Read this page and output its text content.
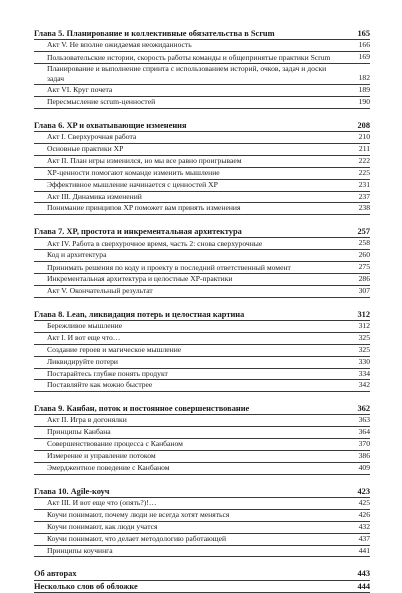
Глава 5. Планирование и коллективные обязательства в Scrum	165
Акт V. Не вполне ожидаемая неожиданность	166
Пользовательские истории, скорость работы команды и общепринятые практики Scrum	169
Планирование и выполнение спринта с использованием историй, очков, задач и доски задач	182
Акт VI. Круг почета	189
Пересмысление scrum-ценностей	190
Глава 6. XP и охватывающие изменения	208
Акт I. Сверхурочная работа	210
Основные практики XP	211
Акт II. План игры изменился, но мы все равно проигрываем	222
XP-ценности помогают команде изменить мышление	225
Эффективное мышление начинается с ценностей XP	231
Акт III. Динамика изменений	237
Понимание принципов XP поможет вам принять изменения	238
Глава 7. XP, простота и инкрементальная архитектура	257
Акт IV. Работа в сверхурочное время, часть 2: снова сверхурочные	258
Код и архитектура	260
Принимать решения по коду и проекту в последний ответственный момент	275
Инкрементальная архитектура и целостные XP-практики	286
Акт V. Окончательный результат	307
Глава 8. Lean, ликвидация потерь и целостная картина	312
Бережливое мышление	312
Акт I. И вот еще что…	325
Создание героев и магическое мышление	325
Ликвидируйте потери	330
Постарайтесь глубже понять продукт	334
Поставляйте как можно быстрее	342
Глава 9. Канбан, поток и постоянное совершенствование	362
Акт II. Игра в догонялки	363
Принципы Канбана	364
Совершенствование процесса с Канбаном	370
Измерение и управление потоком	386
Эмерджентное поведение с Канбаном	409
Глава 10. Agile-коуч	423
Акт III. И вот еще что (опять?)!…	425
Коучи понимают, почему люди не всегда хотят меняться	426
Коучи понимают, как люди учатся	432
Коучи понимают, что делает методологию работающей	437
Принципы коучинга	441
Об авторах	443
Несколько слов об обложке	444
